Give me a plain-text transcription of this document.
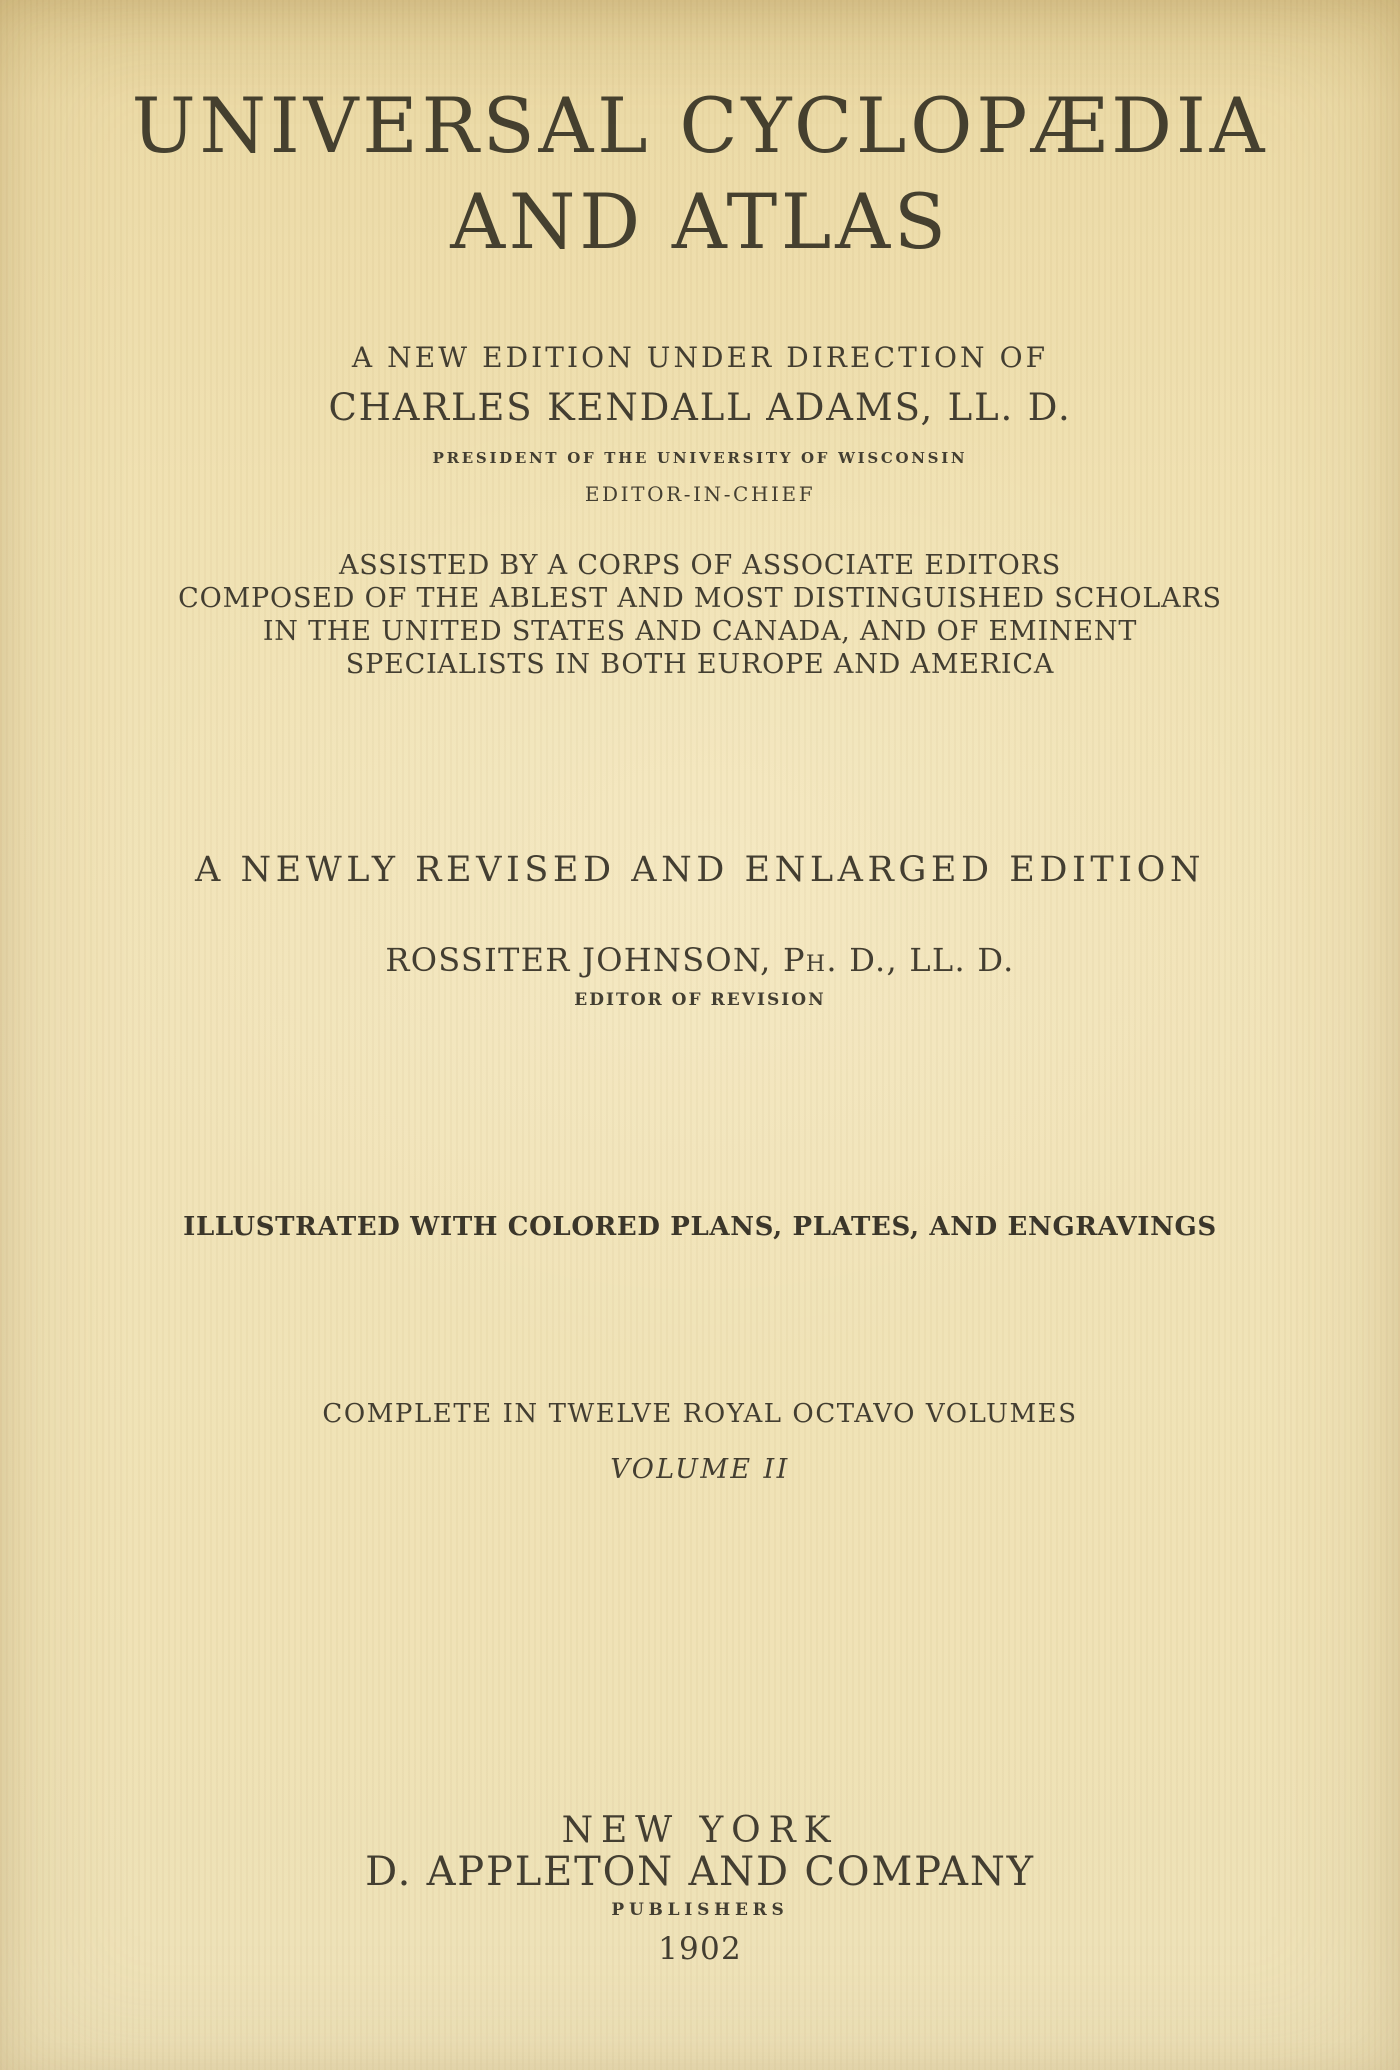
UNIVERSAL CYCLOPÆDIA
AND ATLAS
A NEW EDITION UNDER DIRECTION OF
CHARLES KENDALL ADAMS, LL. D.
PRESIDENT OF THE UNIVERSITY OF WISCONSIN
EDITOR-IN-CHIEF
ASSISTED BY A CORPS OF ASSOCIATE EDITORS
COMPOSED OF THE ABLEST AND MOST DISTINGUISHED SCHOLARS
IN THE UNITED STATES AND CANADA, AND OF EMINENT
SPECIALISTS IN BOTH EUROPE AND AMERICA
A NEWLY REVISED AND ENLARGED EDITION
ROSSITER JOHNSON, Ph. D., LL. D.
EDITOR OF REVISION
ILLUSTRATED WITH COLORED PLANS, PLATES, AND ENGRAVINGS
COMPLETE IN TWELVE ROYAL OCTAVO VOLUMES
VOLUME II
NEW YORK
D. APPLETON AND COMPANY
PUBLISHERS
1902
